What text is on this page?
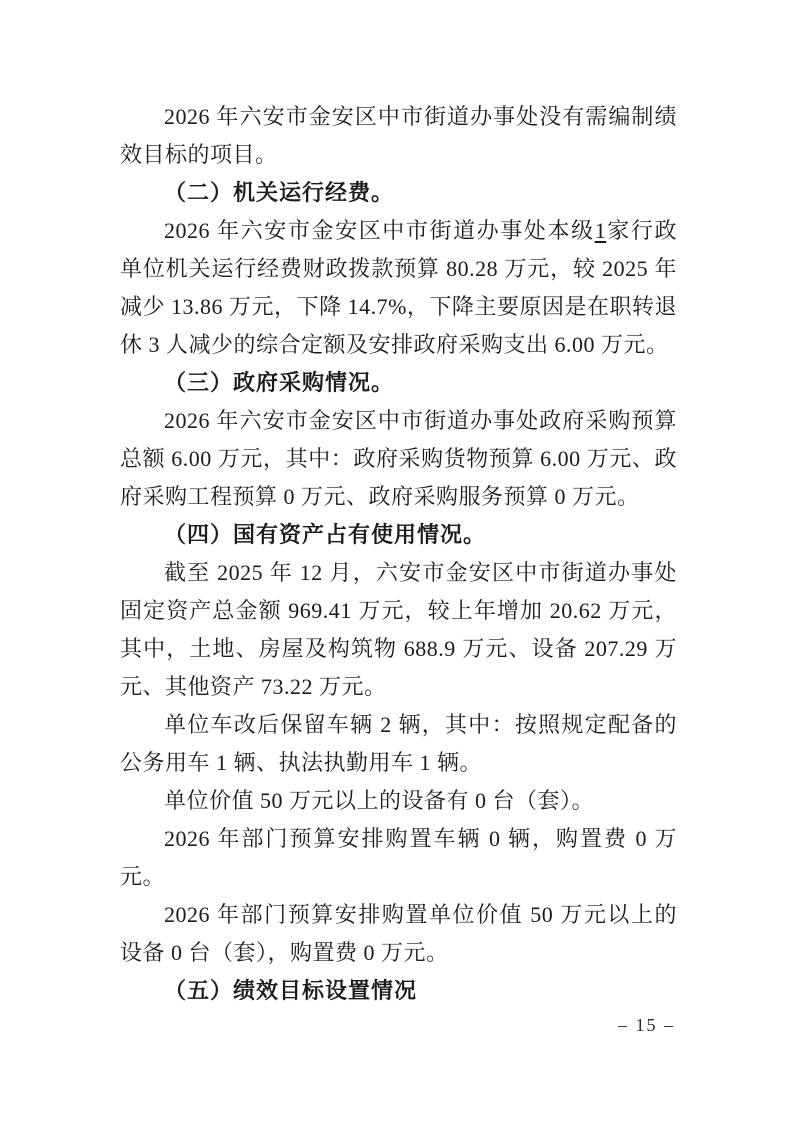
2026 年六安市金安区中市街道办事处没有需编制绩效目标的项目。

（二）机关运行经费。

2026 年六安市金安区中市街道办事处本级1家行政单位机关运行经费财政拨款预算 80.28 万元，较 2025 年减少 13.86 万元，下降 14.7%，下降主要原因是在职转退休 3 人减少的综合定额及安排政府采购支出 6.00 万元。

（三）政府采购情况。

2026 年六安市金安区中市街道办事处政府采购预算总额 6.00 万元，其中：政府采购货物预算 6.00 万元、政府采购工程预算 0 万元、政府采购服务预算 0 万元。

（四）国有资产占有使用情况。

截至 2025 年 12 月，六安市金安区中市街道办事处固定资产总金额 969.41 万元，较上年增加 20.62 万元，其中，土地、房屋及构筑物 688.9 万元、设备 207.29 万元、其他资产 73.22 万元。

单位车改后保留车辆 2 辆，其中：按照规定配备的公务用车 1 辆、执法执勤用车 1 辆。

单位价值 50 万元以上的设备有 0 台（套）。

2026 年部门预算安排购置车辆 0 辆，购置费 0 万元。

2026 年部门预算安排购置单位价值 50 万元以上的设备 0 台（套），购置费 0 万元。

（五）绩效目标设置情况

– 15 –
